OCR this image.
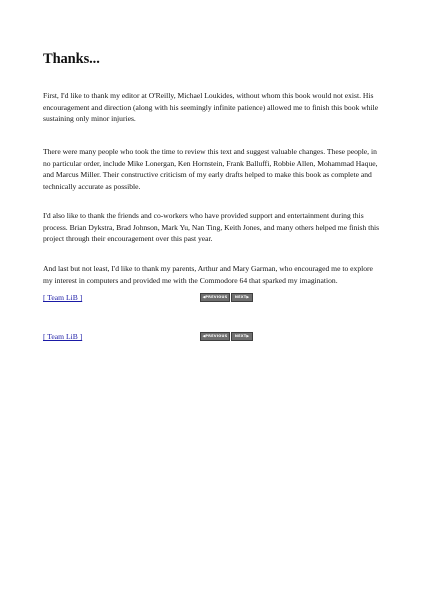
Thanks...

First, I'd like to thank my editor at O'Reilly, Michael Loukides, without whom this book would not exist. His encouragement and direction (along with his seemingly infinite patience) allowed me to finish this book while sustaining only minor injuries.

There were many people who took the time to review this text and suggest valuable changes. These people, in no particular order, include Mike Lonergan, Ken Hornstein, Frank Balluffi, Robbie Allen, Mohammad Haque, and Marcus Miller. Their constructive criticism of my early drafts helped to make this book as complete and technically accurate as possible.

I'd also like to thank the friends and co-workers who have provided support and entertainment during this process. Brian Dykstra, Brad Johnson, Mark Yu, Nan Ting, Keith Jones, and many others helped me finish this project through their encouragement over this past year.

And last but not least, I'd like to thank my parents, Arthur and Mary Garman, who encouraged me to explore my interest in computers and provided me with the Commodore 64 that sparked my imagination.

[ Team LiB ]	◀ PREVIOUS NEXT ▶
[ Team LiB ]	◀ PREVIOUS NEXT ▶
